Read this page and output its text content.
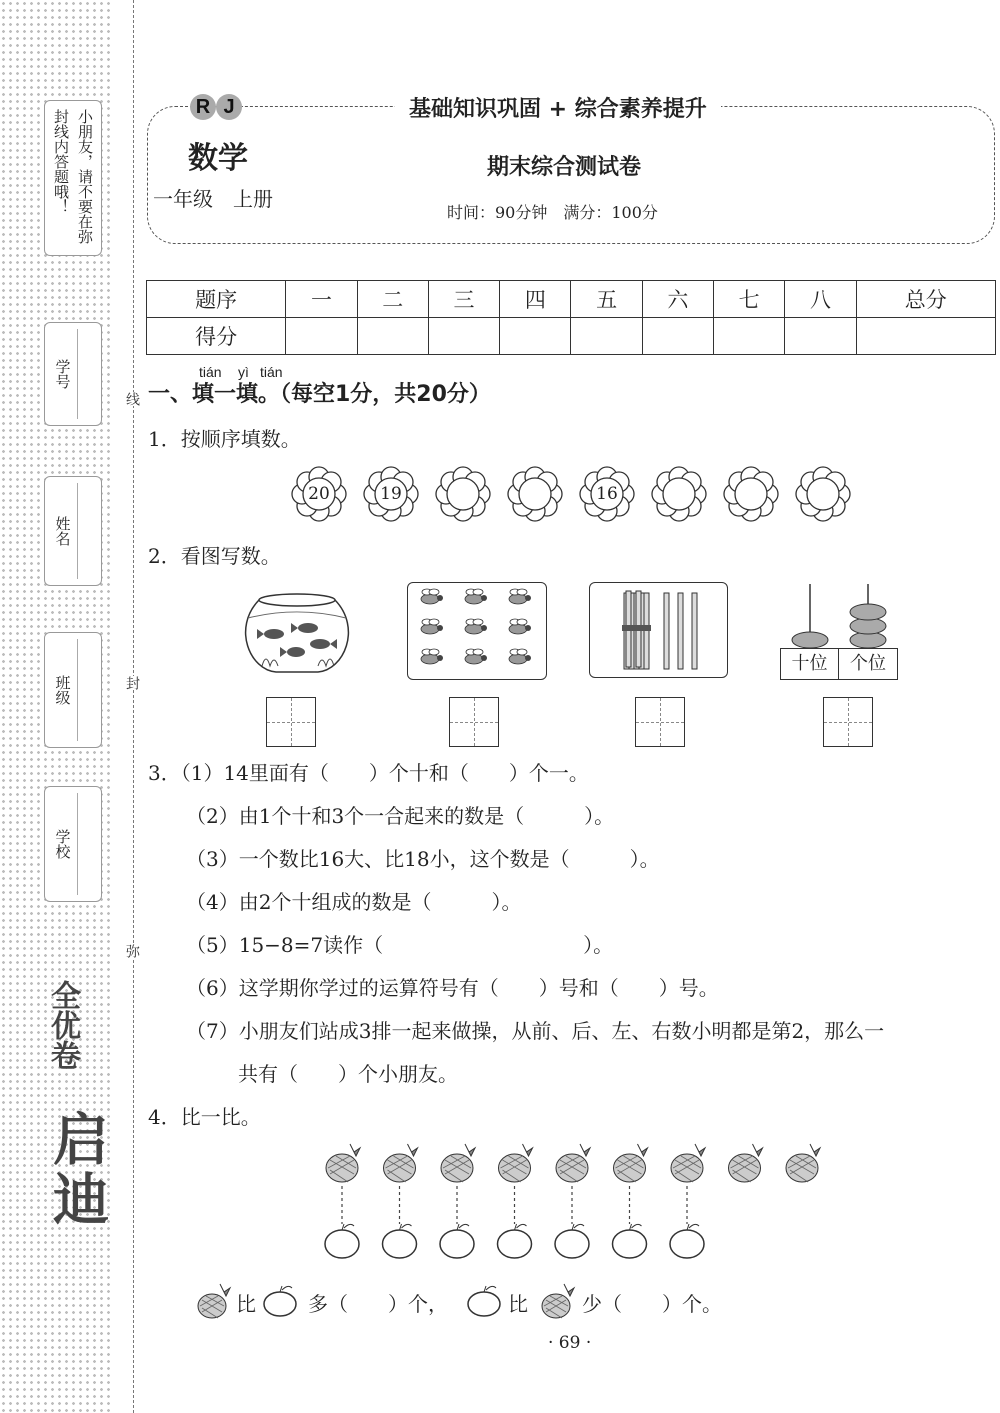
线
封
弥
小朋友，请不要在弥封线内答题哦！
学号
姓名
班级
学校
全优卷
启迪
R J	基础知识巩固 + 综合素养提升
数学
一年级　上册
期末综合测试卷
时间：90分钟　满分：100分
题序	一	二	三	四	五	六	七	八	总分
得分									
tián yì tián
一、填一填。（每空1分，共20分）
1．按顺序填数。
20	19	16
2．看图写数。
十位	个位
3．（1）14里面有（　　）个十和（　　）个一。
（2）由1个十和3个一合起来的数是（　　　）。
（3）一个数比16大、比18小，这个数是（　　　）。
（4）由2个十组成的数是（　　　）。
（5）15−8=7读作（　　　　　　　　　　）。
（6）这学期你学过的运算符号有（　　）号和（　　）号。
（7）小朋友们站成3排一起来做操，从前、后、左、右数小明都是第2，那么一
共有（　　）个小朋友。
4．比一比。
比	多（　　）个，	比	少（　　）个。
· 69 ·
